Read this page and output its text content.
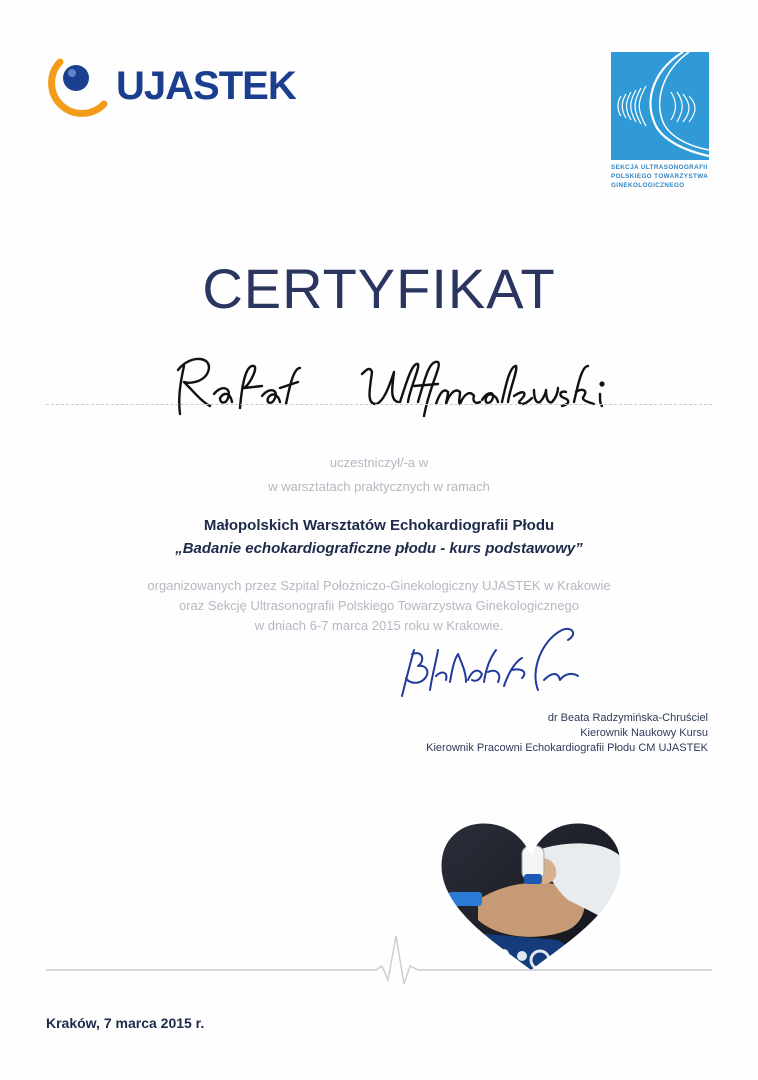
UJASTEK
SEKCJA ULTRASONOGRAFII
POLSKIEGO TOWARZYSTWA
GINEKOLOGICZNEGO
CERTYFIKAT
uczestniczył/-a w
w warsztatach praktycznych w ramach
Małopolskich Warsztatów Echokardiografii Płodu
„Badanie echokardiograficzne płodu - kurs podstawowy”
organizowanych przez Szpital Położniczo-Ginekologiczny UJASTEK w Krakowie
oraz Sekcję Ultrasonografii Polskiego Towarzystwa Ginekologicznego
w dniach 6-7 marca 2015 roku w Krakowie.
dr Beata Radzymińska-Chruściel
Kierownik Naukowy Kursu
Kierownik Pracowni Echokardiografii Płodu CM UJASTEK
Kraków, 7 marca 2015 r.
